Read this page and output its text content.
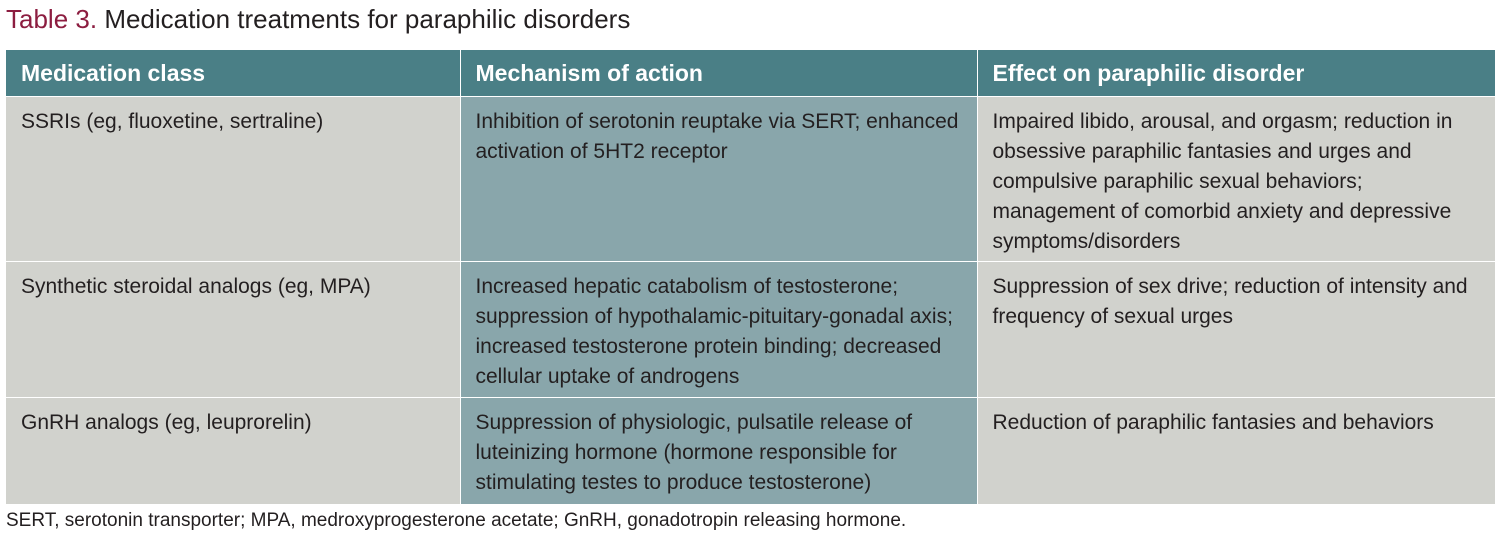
Table 3. Medication treatments for paraphilic disorders
Medication class	Mechanism of action	Effect on paraphilic disorder
SSRIs (eg, fluoxetine, sertraline)	Inhibition of serotonin reuptake via SERT; enhanced activation of 5HT2 receptor	Impaired libido, arousal, and orgasm; reduction in obsessive paraphilic fantasies and urges and compulsive paraphilic sexual behaviors; management of comorbid anxiety and depressive symptoms/disorders
Synthetic steroidal analogs (eg, MPA)	Increased hepatic catabolism of testosterone; suppression of hypothalamic-pituitary-gonadal axis; increased testosterone protein binding; decreased cellular uptake of androgens	Suppression of sex drive; reduction of intensity and frequency of sexual urges
GnRH analogs (eg, leuprorelin)	Suppression of physiologic, pulsatile release of luteinizing hormone (hormone responsible for stimulating testes to produce testosterone)	Reduction of paraphilic fantasies and behaviors
SERT, serotonin transporter; MPA, medroxyprogesterone acetate; GnRH, gonadotropin releasing hormone.
